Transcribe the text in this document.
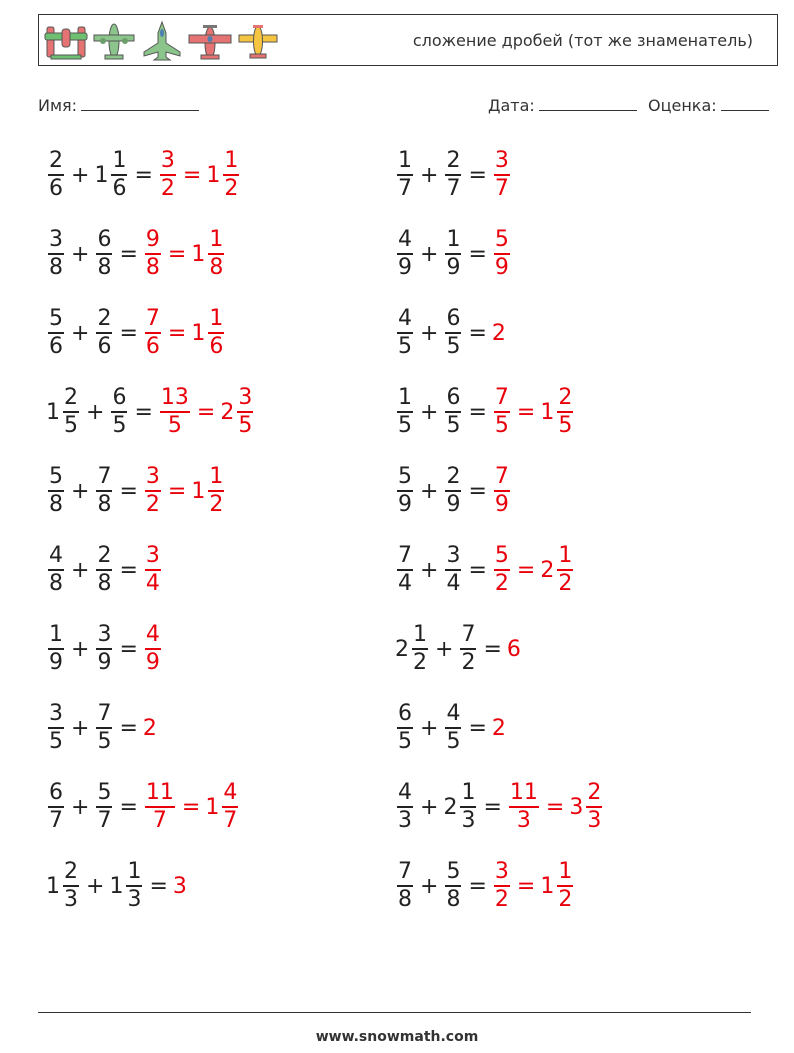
сложение дробей (тот же знаменатель)
Имя:	Дата:	Оценка:
$\frac{2}{6} + 1 \frac{1}{6} = \frac{3}{2} = 1 \frac{1}{2}$	$\frac{1}{7} + \frac{2}{7} = \frac{3}{7}$
$\frac{3}{8} + \frac{6}{8} = \frac{9}{8} = 1 \frac{1}{8}$	$\frac{4}{9} + \frac{1}{9} = \frac{5}{9}$
$\frac{5}{6} + \frac{2}{6} = \frac{7}{6} = 1 \frac{1}{6}$	$\frac{4}{5} + \frac{6}{5} = 2$
$1 \frac{2}{5} + \frac{6}{5} = \frac{13}{5} = 2 \frac{3}{5}$	$\frac{1}{5} + \frac{6}{5} = \frac{7}{5} = 1 \frac{2}{5}$
$\frac{5}{8} + \frac{7}{8} = \frac{3}{2} = 1 \frac{1}{2}$	$\frac{5}{9} + \frac{2}{9} = \frac{7}{9}$
$\frac{4}{8} + \frac{2}{8} = \frac{3}{4}$	$\frac{7}{4} + \frac{3}{4} = \frac{5}{2} = 2 \frac{1}{2}$
$\frac{1}{9} + \frac{3}{9} = \frac{4}{9}$	$2 \frac{1}{2} + \frac{7}{2} = 6$
$\frac{3}{5} + \frac{7}{5} = 2$	$\frac{6}{5} + \frac{4}{5} = 2$
$\frac{6}{7} + \frac{5}{7} = \frac{11}{7} = 1 \frac{4}{7}$	$\frac{4}{3} + 2 \frac{1}{3} = \frac{11}{3} = 3 \frac{2}{3}$
$1 \frac{2}{3} + 1 \frac{1}{3} = 3$	$\frac{7}{8} + \frac{5}{8} = \frac{3}{2} = 1 \frac{1}{2}$
www.snowmath.com
